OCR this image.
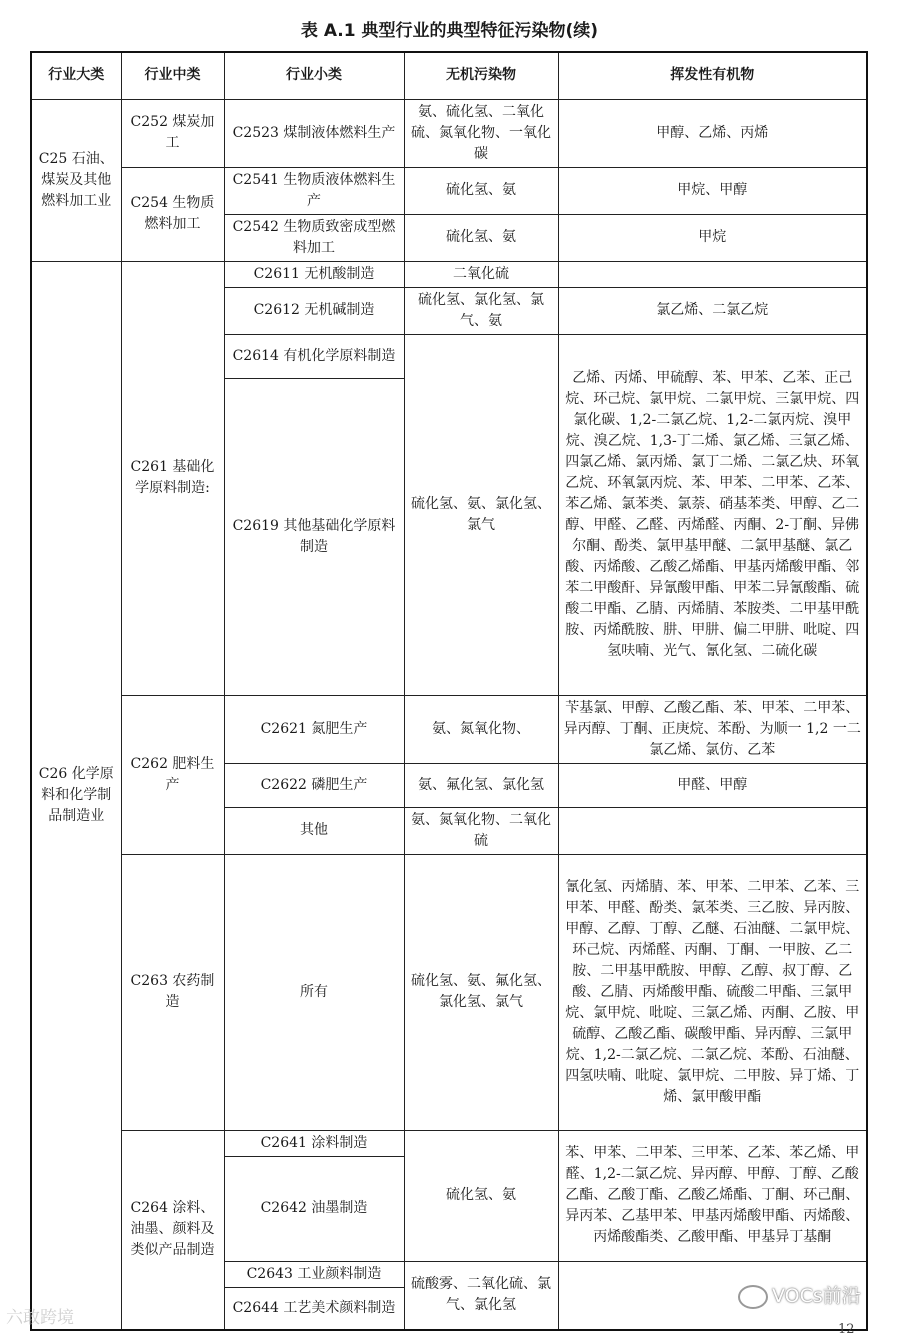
表 A.1 典型行业的典型特征污染物(续)
行业大类	行业中类	行业小类	无机污染物	挥发性有机物
C25 石油、煤炭及其他燃料加工业	C252 煤炭加工	C2523 煤制液体燃料生产	氨、硫化氢、二氧化硫、氮氧化物、一氧化碳	甲醇、乙烯、丙烯
	C254 生物质燃料加工	C2541 生物质液体燃料生产	硫化氢、氨	甲烷、甲醇
		C2542 生物质致密成型燃料加工	硫化氢、氨	甲烷
C26 化学原料和化学制品制造业	C261 基础化学原料制造:	C2611 无机酸制造	二氧化硫	
		C2612 无机碱制造	硫化氢、氯化氢、氯气、氨	氯乙烯、二氯乙烷
		C2614 有机化学原料制造	硫化氢、氨、氯化氢、氯气	乙烯、丙烯、甲硫醇、苯、甲苯、乙苯、正己烷、环己烷、氯甲烷、二氯甲烷、三氯甲烷、四氯化碳、1,2-二氯乙烷、1,2-二氯丙烷、溴甲烷、溴乙烷、1,3-丁二烯、氯乙烯、三氯乙烯、四氯乙烯、氯丙烯、氯丁二烯、二氯乙炔、环氧乙烷、环氧氯丙烷、苯、甲苯、二甲苯、乙苯、苯乙烯、氯苯类、氯萘、硝基苯类、甲醇、乙二醇、甲醛、乙醛、丙烯醛、丙酮、2-丁酮、异佛尔酮、酚类、氯甲基甲醚、二氯甲基醚、氯乙酸、丙烯酸、乙酸乙烯酯、甲基丙烯酸甲酯、邻苯二甲酸酐、异氰酸甲酯、甲苯二异氰酸酯、硫酸二甲酯、乙腈、丙烯腈、苯胺类、二甲基甲酰胺、丙烯酰胺、肼、甲肼、偏二甲肼、吡啶、四氢呋喃、光气、氰化氢、二硫化碳
		C2619 其他基础化学原料制造		
	C262 肥料生产	C2621 氮肥生产	氨、氮氧化物、	苄基氯、甲醇、乙酸乙酯、苯、甲苯、二甲苯、异丙醇、丁酮、正庚烷、苯酚、为顺一 1,2 一二氯乙烯、氯仿、乙苯
		C2622 磷肥生产	氨、氟化氢、氯化氢	甲醛、甲醇
		其他	氨、氮氧化物、二氧化硫	
	C263 农药制造	所有	硫化氢、氨、氟化氢、氯化氢、氯气	氰化氢、丙烯腈、苯、甲苯、二甲苯、乙苯、三甲苯、甲醛、酚类、氯苯类、三乙胺、异丙胺、甲醇、乙醇、丁醇、乙醚、石油醚、二氯甲烷、环己烷、丙烯醛、丙酮、丁酮、一甲胺、乙二胺、二甲基甲酰胺、甲醇、乙醇、叔丁醇、乙酸、乙腈、丙烯酸甲酯、硫酸二甲酯、三氯甲烷、氯甲烷、吡啶、三氯乙烯、丙酮、乙胺、甲硫醇、乙酸乙酯、碳酸甲酯、异丙醇、三氯甲烷、1,2-二氯乙烷、二氯乙烷、苯酚、石油醚、四氢呋喃、吡啶、氯甲烷、二甲胺、异丁烯、丁烯、氯甲酸甲酯
	C264 涂料、油墨、颜料及类似产品制造	C2641 涂料制造	硫化氢、氨	苯、甲苯、二甲苯、三甲苯、乙苯、苯乙烯、甲醛、1,2-二氯乙烷、异丙醇、甲醇、丁醇、乙酸乙酯、乙酸丁酯、乙酸乙烯酯、丁酮、环己酮、异丙苯、乙基甲苯、甲基丙烯酸甲酯、丙烯酸、丙烯酸酯类、乙酸甲酯、甲基异丁基酮
		C2642 油墨制造		
		C2643 工业颜料制造	硫酸雾、二氧化硫、氯气、氯化氢	
		C2644 工艺美术颜料制造		
六敢跨境
VOCs前沿
12
